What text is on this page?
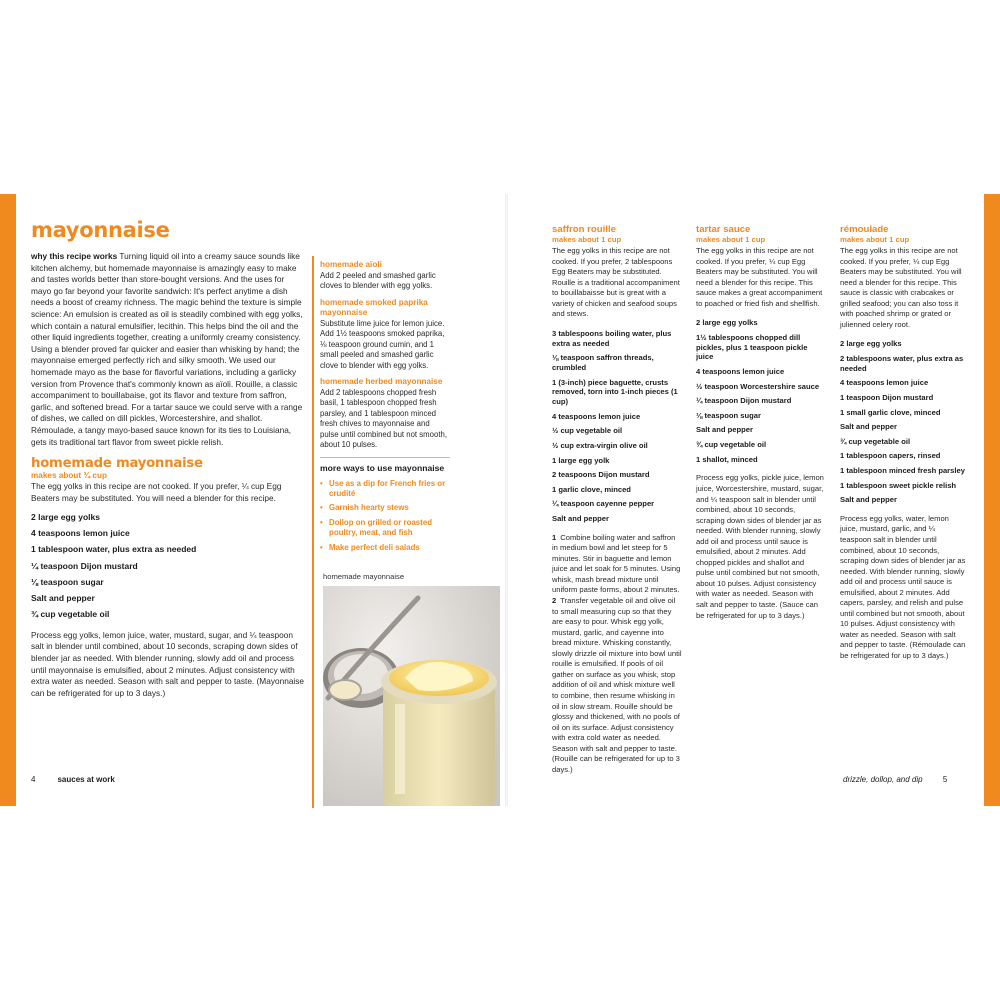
mayonnaise

why this recipe works Turning liquid oil into a creamy sauce sounds like kitchen alchemy, but homemade mayonnaise is amazingly easy to make and tastes worlds better than store-bought versions. And the uses for mayo go far beyond your favorite sandwich: It's perfect anytime a dish needs a boost of creamy richness. The magic behind the texture is simple science: An emulsion is created as oil is steadily combined with egg yolks, which contain a natural emulsifier, lecithin. This helps bind the oil and the other liquid ingredients together, creating a uniformly creamy consistency. Using a blender proved far quicker and easier than whisking by hand; the mayonnaise emerged perfectly rich and silky smooth. We used our homemade mayo as the base for flavorful variations, including a garlicky version from Provence that's commonly known as aïoli. Rouille, a classic accompaniment to bouillabaise, got its flavor and texture from saffron, garlic, and softened bread. For a tartar sauce we could serve with a range of dishes, we called on dill pickles, Worcestershire, and shallot. Rémoulade, a tangy mayo-based sauce known for its ties to Louisiana, gets its traditional tart flavor from sweet pickle relish.

homemade mayonnaise

makes about ¾ cup

The egg yolks in this recipe are not cooked. If you prefer, ¼ cup Egg Beaters may be substituted. You will need a blender for this recipe.

2 large egg yolks
4 teaspoons lemon juice
1 tablespoon water, plus extra as needed
¼ teaspoon Dijon mustard
⅛ teaspoon sugar
Salt and pepper
¾ cup vegetable oil

Process egg yolks, lemon juice, water, mustard, sugar, and ¼ teaspoon salt in blender until combined, about 10 seconds, scraping down sides of blender jar as needed. With blender running, slowly add oil and process until mayonnaise is emulsified, about 2 minutes. Adjust consistency with extra water as needed. Season with salt and pepper to taste. (Mayonnaise can be refrigerated for up to 3 days.)

homemade aïoli

Add 2 peeled and smashed garlic cloves to blender with egg yolks.

homemade smoked paprika mayonnaise

Substitute lime juice for lemon juice. Add 1½ teaspoons smoked paprika, ⅛ teaspoon ground cumin, and 1 small peeled and smashed garlic clove to blender with egg yolks.

homemade herbed mayonnaise

Add 2 tablespoons chopped fresh basil, 1 tablespoon chopped fresh parsley, and 1 tablespoon minced fresh chives to mayonnaise and pulse until combined but not smooth, about 10 pulses.

more ways to use mayonnaise

• Use as a dip for French fries or crudité
• Garnish hearty stews
• Dollop on grilled or roasted poultry, meat, and fish
• Make perfect deli salads
homemade mayonnaise

saffron rouille

makes about 1 cup

The egg yolks in this recipe are not cooked. If you prefer, 2 tablespoons Egg Beaters may be substituted. Rouille is a traditional accompaniment to bouillabaisse but is great with a variety of chicken and seafood soups and stews.

3 tablespoons boiling water, plus extra as needed
⅛ teaspoon saffron threads, crumbled
1 (3-inch) piece baguette, crusts removed, torn into 1-inch pieces (1 cup)
4 teaspoons lemon juice
½ cup vegetable oil
½ cup extra-virgin olive oil
1 large egg yolk
2 teaspoons Dijon mustard
1 garlic clove, minced
¼ teaspoon cayenne pepper
Salt and pepper

1 Combine boiling water and saffron in medium bowl and let steep for 5 minutes. Stir in baguette and lemon juice and let soak for 5 minutes. Using whisk, mash bread mixture until uniform paste forms, about 2 minutes.

2 Transfer vegetable oil and olive oil to small measuring cup so that they are easy to pour. Whisk egg yolk, mustard, garlic, and cayenne into bread mixture. Whisking constantly, slowly drizzle oil mixture into bowl until rouille is emulsified. If pools of oil gather on surface as you whisk, stop addition of oil and whisk mixture well to combine, then resume whisking in oil in slow stream. Rouille should be glossy and thickened, with no pools of oil on its surface. Adjust consistency with extra cold water as needed. Season with salt and pepper to taste. (Rouille can be refrigerated for up to 3 days.)

tartar sauce

makes about 1 cup

The egg yolks in this recipe are not cooked. If you prefer, ¼ cup Egg Beaters may be substituted. You will need a blender for this recipe. This sauce makes a great accompaniment to poached or fried fish and shellfish.

2 large egg yolks
1½ tablespoons chopped dill pickles, plus 1 teaspoon pickle juice
4 teaspoons lemon juice
½ teaspoon Worcestershire sauce
¼ teaspoon Dijon mustard
⅛ teaspoon sugar
Salt and pepper
¾ cup vegetable oil
1 shallot, minced

Process egg yolks, pickle juice, lemon juice, Worcestershire, mustard, sugar, and ¼ teaspoon salt in blender until combined, about 10 seconds, scraping down sides of blender jar as needed. With blender running, slowly add oil and process until sauce is emulsified, about 2 minutes. Add chopped pickles and shallot and pulse until combined but not smooth, about 10 pulses. Adjust consistency with water as needed. Season with salt and pepper to taste. (Sauce can be refrigerated for up to 3 days.)

rémoulade

makes about 1 cup

The egg yolks in this recipe are not cooked. If you prefer, ¼ cup Egg Beaters may be substituted. You will need a blender for this recipe. This sauce is classic with crabcakes or grilled seafood; you can also toss it with poached shrimp or grated or julienned celery root.

2 large egg yolks
2 tablespoons water, plus extra as needed
4 teaspoons lemon juice
1 teaspoon Dijon mustard
1 small garlic clove, minced
Salt and pepper
¾ cup vegetable oil
1 tablespoon capers, rinsed
1 tablespoon minced fresh parsley
1 tablespoon sweet pickle relish
Salt and pepper

Process egg yolks, water, lemon juice, mustard, garlic, and ¼ teaspoon salt in blender until combined, about 10 seconds, scraping down sides of blender jar as needed. With blender running, slowly add oil and process until sauce is emulsified, about 2 minutes. Add capers, parsley, and relish and pulse until combined but not smooth, about 10 pulses. Adjust consistency with water as needed. Season with salt and pepper to taste. (Rémoulade can be refrigerated for up to 3 days.)

4	sauces at work	drizzle, dollop, and dip	5
